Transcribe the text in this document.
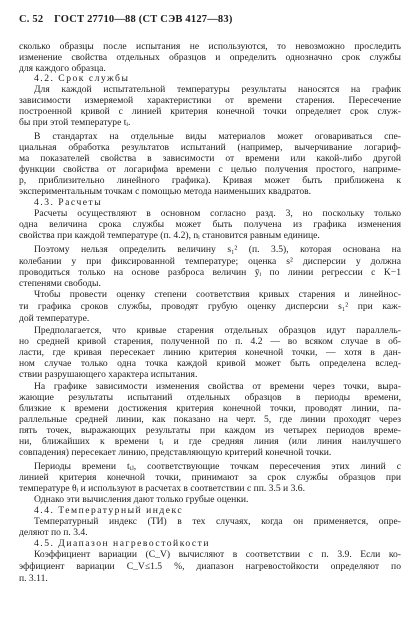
С. 52 ГОСТ 27710—88 (СТ СЭВ 4127—83)
сколько образцы после испытания не используются, то невозможно проследить
изменение свойства отдельных образцов и определить однозначно срок службы
для каждого образца.
4.2. Срок службы
Для каждой испытательной температуры результаты наносятся на график
зависимости измеряемой характеристики от времени старения. Пересечение
построенной кривой с линией критерия конечной точки определяет срок служ-
бы при этой температуре tᵢ.
В стандартах на отдельные виды материалов может оговариваться спе-
циальная обработка результатов испытаний (например, вычерчивание логариф-
ма показателей свойства в зависимости от времени или какой-либо другой
функции свойства от логарифма времени с целью получения простого, наприме-
р, приблизительно линейного графика). Кривая может быть приближена к
экспериментальным точкам с помощью метода наименьших квадратов.
4.3. Расчеты
Расчеты осуществляют в основном согласно разд. 3, но поскольку только
одна величина срока службы может быть получена из графика изменения
свойства при каждой температуре (п. 4.2), nᵢ становится равным единице.
Поэтому нельзя определить величину s₁² (п. 3.5), которая основана на
колебании y при фиксированной температуре; оценка s² дисперсии y должна
проводиться только на основе разброса величин ȳᵢ по линии регрессии с K−1
степенями свободы.
Чтобы провести оценку степени соответствия кривых старения и линейнос-
ти графика сроков службы, проводят грубую оценку дисперсии s₁² при каж-
дой температуре.
Предполагается, что кривые старения отдельных образцов идут параллель-
но средней кривой старения, полученной по п. 4.2 — во всяком случае в об-
ласти, где кривая пересекает линию критерия конечной точки, — хотя в дан-
ном случае только одна точка каждой кривой может быть определена вслед-
ствии разрушающего характера испытания.
На графике зависимости изменения свойства от времени через точки, выра-
жающие результаты испытаний отдельных образцов в периоды времени,
близкие к времени достижения критерия конечной точки, проводят линии, па-
раллельные средней линии, как показано на черт. 5, где линии проходят через
пять точек, выражающих результаты при каждом из четырех периодов време-
ни, ближайших к времени tᵢ и где средняя линия (или линия наилучшего
совпадения) пересекает линию, представляющую критерий конечной точки.
Периоды времени tᵢⱼ, соответствующие точкам пересечения этих линий с
линией критерия конечной точки, принимают за срок службы образцов при
температуре θᵢ и используют в расчетах в соответствии с пп. 3.5 и 3.6.
Однако эти вычисления дают только грубые оценки.
4.4. Температурный индекс
Температурный индекс (ТИ) в тех случаях, когда он применяется, опре-
деляют по п. 3.4.
4.5. Диапазон нагревостойкости
Коэффициент вариации (C_V) вычисляют в соответствии с п. 3.9. Если ко-
эффициент вариации C_V≤1.5 %, диапазон нагревостойкости определяют по
п. 3.11.
